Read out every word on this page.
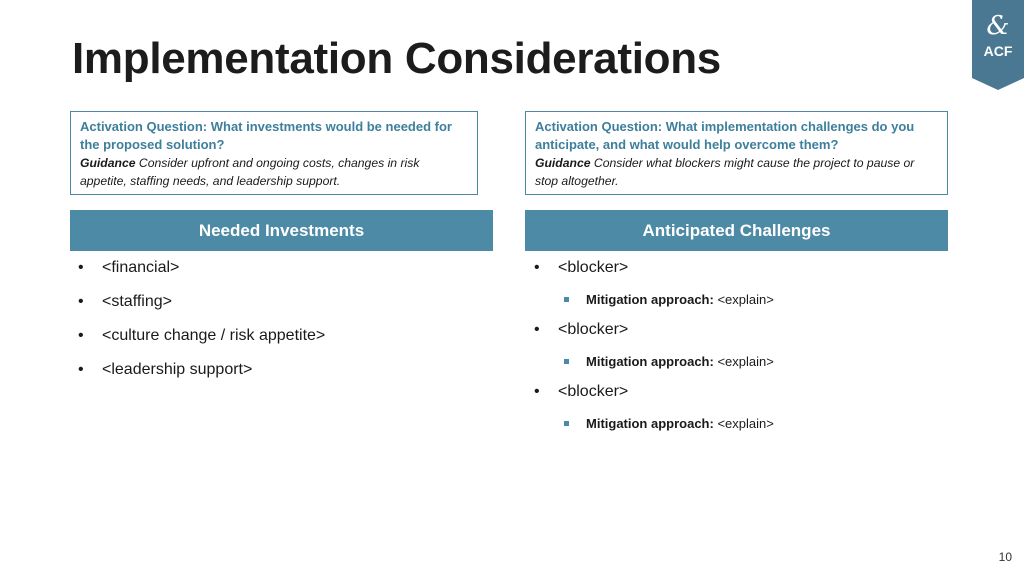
Implementation Considerations
&
ACF
Activation Question: What investments would be needed for the proposed solution?
Guidance Consider upfront and ongoing costs, changes in risk appetite, staffing needs, and leadership support.
Activation Question: What implementation challenges do you anticipate, and what would help overcome them?
Guidance Consider what blockers might cause the project to pause or stop altogether.
Needed Investments	Anticipated Challenges
• <financial>
• <staffing>
• <culture change / risk appetite>
• <leadership support>
• <blocker>
Mitigation approach: <explain>
• <blocker>
Mitigation approach: <explain>
• <blocker>
Mitigation approach: <explain>
10
